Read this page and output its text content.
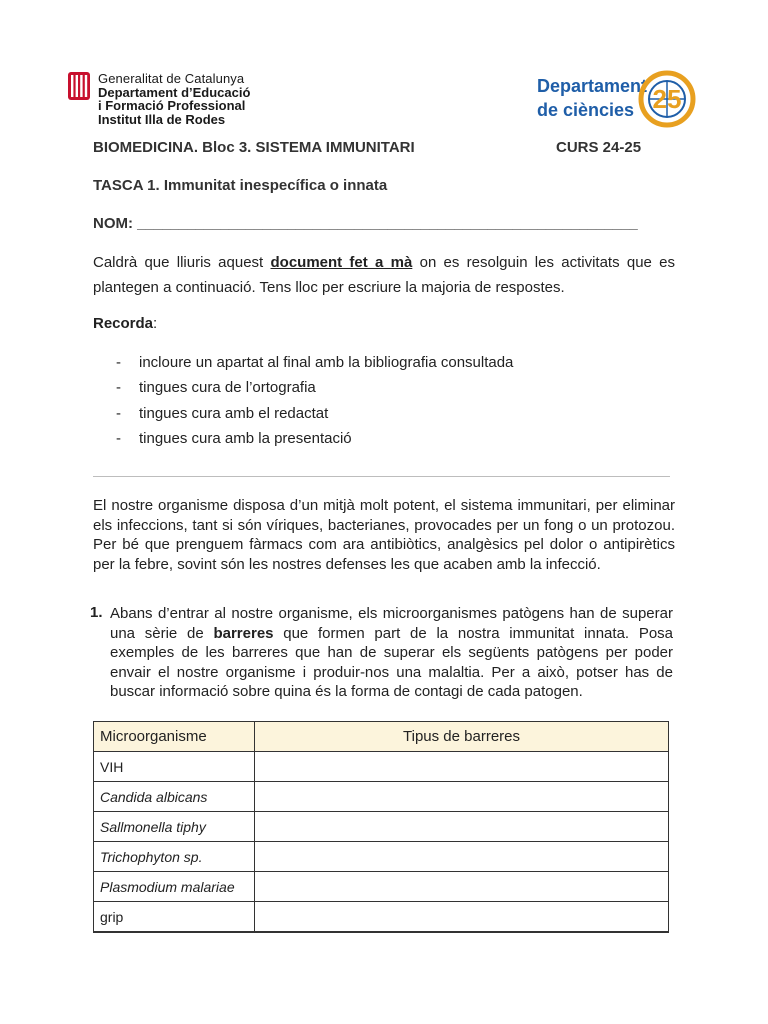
Generalitat de Catalunya
Departament d’Educació
i Formació Professional
Institut Illa de Rodes
Departament
de ciències 25
BIOMEDICINA. Bloc 3. SISTEMA IMMUNITARI	CURS 24-25
TASCA 1. Immunitat inespecífica o innata
NOM: ____________________________________________________________
Caldrà que lliuris aquest document fet a mà on es resolguin les activitats que es plantegen a continuació. Tens lloc per escriure la majoria de respostes.
Recorda:
- incloure un apartat al final amb la bibliografia consultada
- tingues cura de l’ortografia
- tingues cura amb el redactat
- tingues cura amb la presentació
El nostre organisme disposa d’un mitjà molt potent, el sistema immunitari, per eliminar els infeccions, tant si són víriques, bacterianes, provocades per un fong o un protozou. Per bé que prenguem fàrmacs com ara antibiòtics, analgèsics pel dolor o antipirètics per la febre, sovint són les nostres defenses les que acaben amb la infecció.
1. Abans d’entrar al nostre organisme, els microorganismes patògens han de superar una sèrie de barreres que formen part de la nostra immunitat innata. Posa exemples de les barreres que han de superar els següents patògens per poder envair el nostre organisme i produir-nos una malaltia. Per a això, potser has de buscar informació sobre quina és la forma de contagi de cada patogen.
Microorganisme	Tipus de barreres
VIH	
Candida albicans	
Sallmonella tiphy	
Trichophyton sp.	
Plasmodium malariae	
grip	
